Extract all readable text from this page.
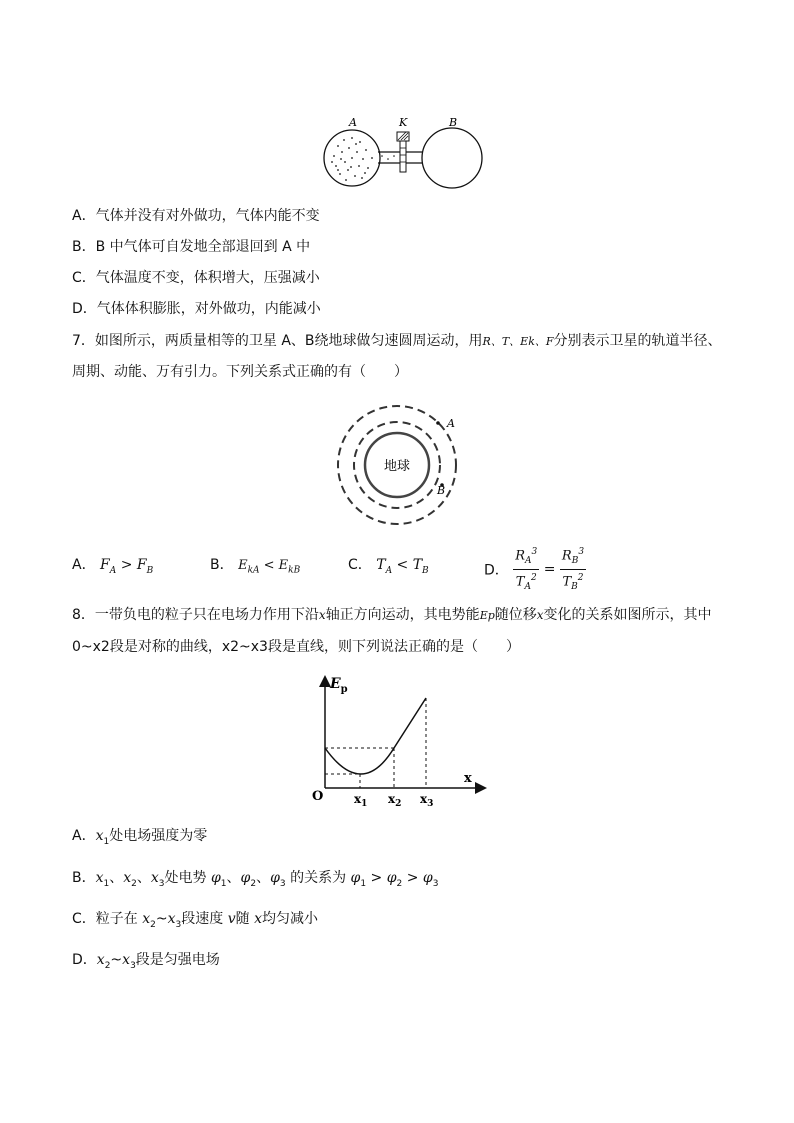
A	K	B
A．气体并没有对外做功，气体内能不变
B．B 中气体可自发地全部退回到 A 中
C．气体温度不变，体积增大，压强减小
D．气体体积膨胀，对外做功，内能减小
7．如图所示，两质量相等的卫星 A、B绕地球做匀速圆周运动，用R、T、Ek、F分别表示卫星的轨道半径、
周期、动能、万有引力。下列关系式正确的有（　　）
地球
A
B
A． $F_A > F_B$	B． $E_{kA} < E_{kB}$	C． $T_A < T_B$	D． $\frac{R_A^3}{T_A^2} = \frac{R_B^3}{T_B^2}$
8．一带负电的粒子只在电场力作用下沿x轴正方向运动，其电势能Ep随位移x变化的关系如图所示，其中
0~x2段是对称的曲线，x2~x3段是直线，则下列说法正确的是（　　）
$E_p$
x
O	$x_1$ $x_2$ $x_3$
A．$x_1$处电场强度为零
B．$x_1$、$x_2$、$x_3$处电势 $\varphi_1$、$\varphi_2$、$\varphi_3$ 的关系为 $\varphi_1 > \varphi_2 > \varphi_3$
C．粒子在 $x_2\sim x_3$段速度 v随 x均匀减小
D．$x_2\sim x_3$段是匀强电场
